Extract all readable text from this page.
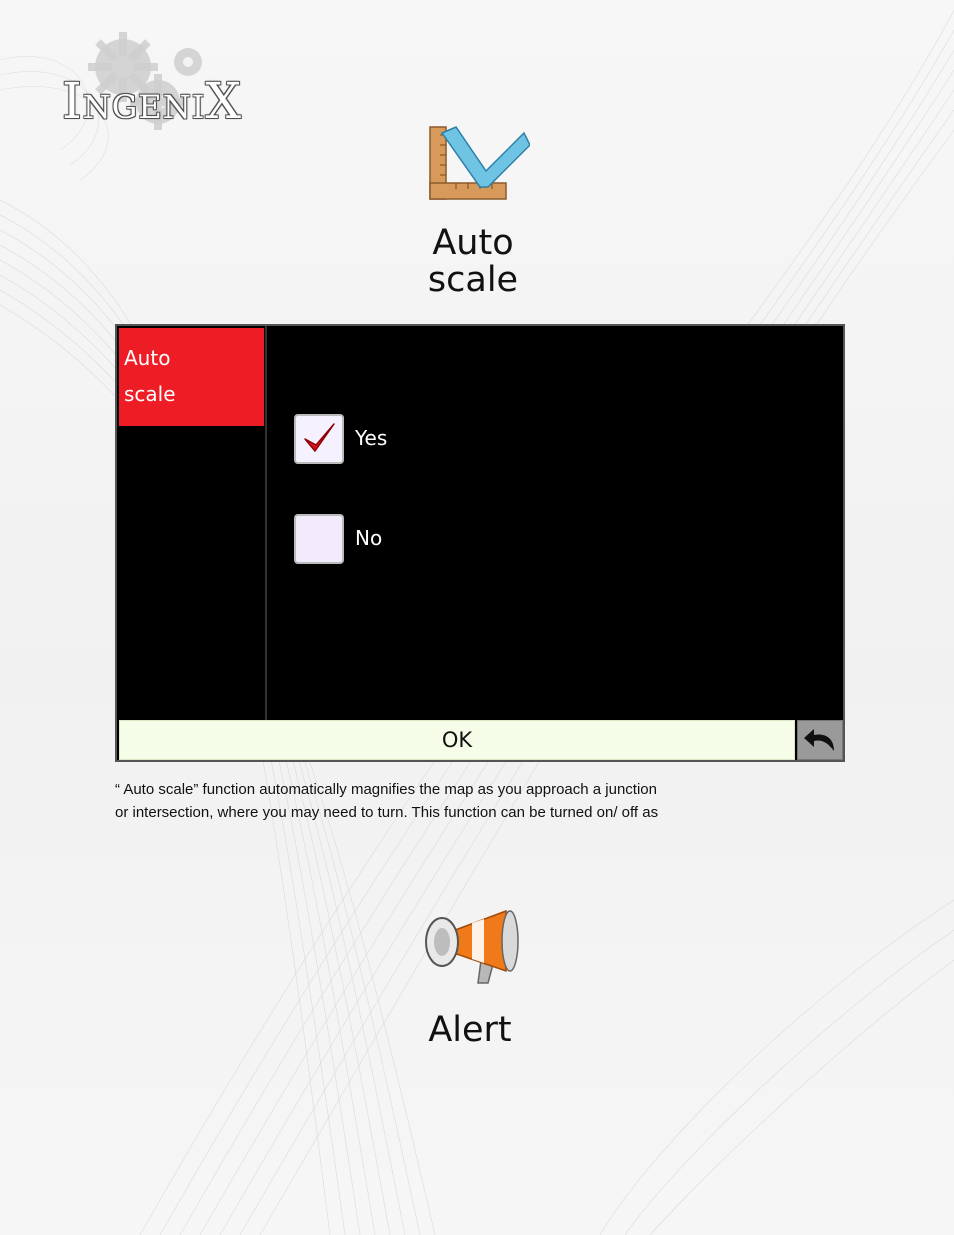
INGENIX
Auto
scale
Auto
scale
Yes
No
OK
“ Auto scale” function automatically magnifies the map as you approach a junction
or intersection, where you may need to turn. This function can be turned on/ off as
Alert
